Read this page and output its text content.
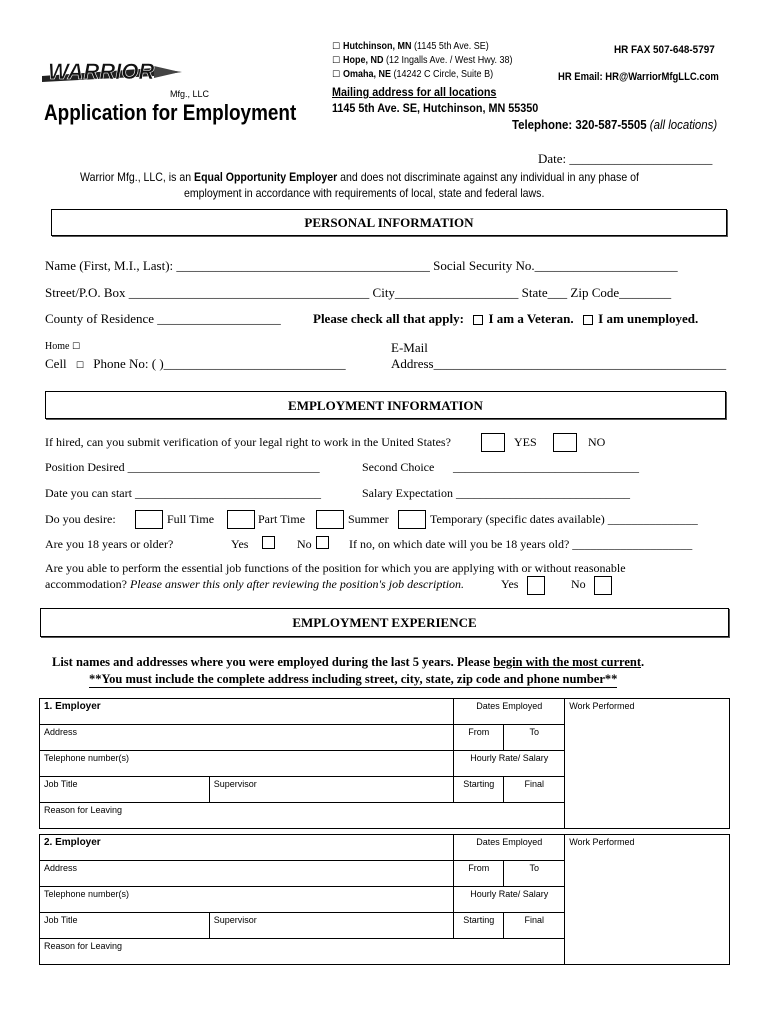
WARRIOR
Mfg., LLC
Application for Employment
☐ Hutchinson, MN (1145 5th Ave. SE)
☐ Hope, ND (12 Ingalls Ave. / West Hwy. 38)
☐ Omaha, NE (14242 C Circle, Suite B)
Mailing address for all locations
1145 5th Ave. SE, Hutchinson, MN 55350
HR FAX 507-648-5797
HR Email: HR@WarriorMfgLLC.com
Telephone: 320-587-5505 (all locations)
Date: ______________________
Warrior Mfg., LLC, is an Equal Opportunity Employer and does not discriminate against any individual in any phase of
employment in accordance with requirements of local, state and federal laws.
PERSONAL INFORMATION
Name (First, M.I., Last): _______________________________________ Social Security No.______________________
Street/P.O. Box _____________________________________ City___________________ State___ Zip Code________
County of Residence ___________________ Please check all that apply: I am a Veteran. I am unemployed.
Home ☐
Cell ☐ Phone No: ( )____________________________
E-Mail
Address_____________________________________________
EMPLOYMENT INFORMATION
If hired, can you submit verification of your legal right to work in the United States?	YES	NO
Position Desired ________________________________	Second Choice _______________________________
Date you can start _______________________________	Salary Expectation _____________________________
Do you desire:	Full Time	Part Time	Summer	Temporary (specific dates available) _______________
Are you 18 years or older?	Yes	No	If no, on which date will you be 18 years old? ____________________
Are you able to perform the essential job functions of the position for which you are applying with or without reasonable
accommodation? Please answer this only after reviewing the position's job description.	Yes	No
EMPLOYMENT EXPERIENCE
List names and addresses where you were employed during the last 5 years. Please begin with the most current.
**You must include the complete address including street, city, state, zip code and phone number**
1. Employer		Dates Employed		Work Performed
Address		From	To	
Telephone number(s)		Hourly Rate/ Salary		
Job Title	Supervisor	Starting	Final	
Reason for Leaving				
2. Employer		Dates Employed		Work Performed
Address		From	To	
Telephone number(s)		Hourly Rate/ Salary		
Job Title	Supervisor	Starting	Final	
Reason for Leaving				
